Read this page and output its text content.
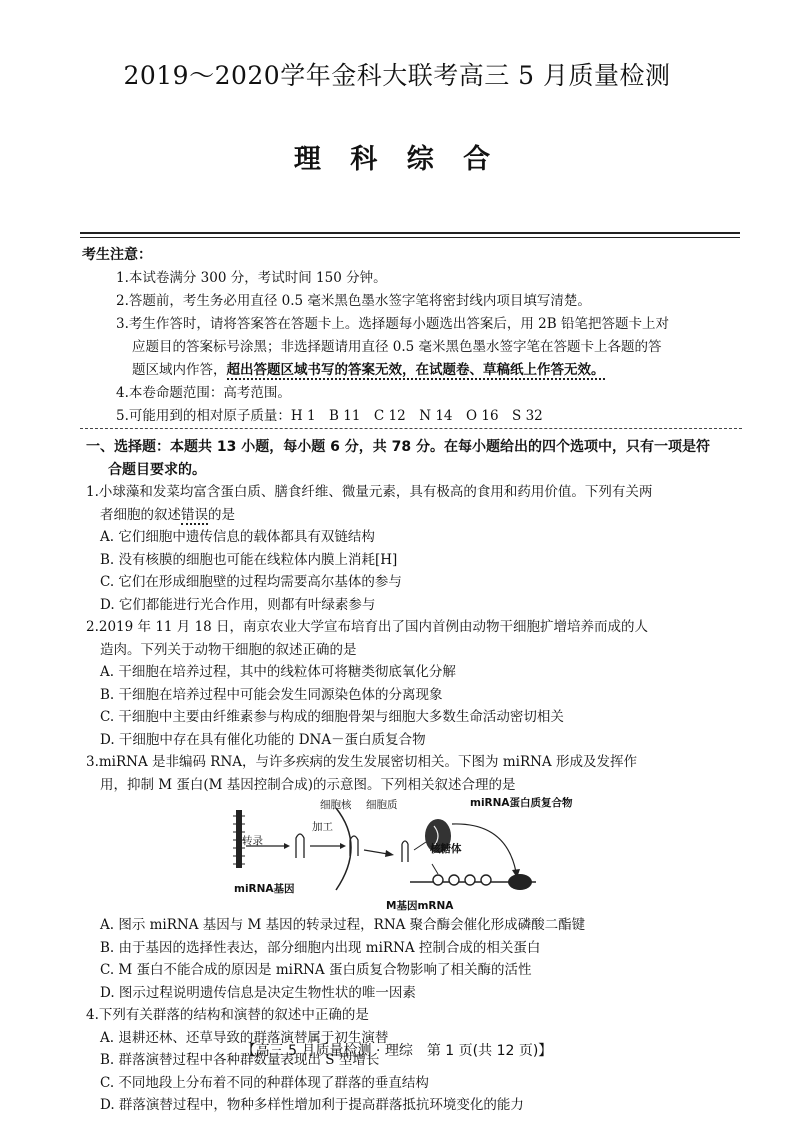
2019～2020学年金科大联考高三 5 月质量检测
理 科 综 合
考生注意：
1.本试卷满分 300 分，考试时间 150 分钟。
2.答题前，考生务必用直径 0.5 毫米黑色墨水签字笔将密封线内项目填写清楚。
3.考生作答时，请将答案答在答题卡上。选择题每小题选出答案后，用 2B 铅笔把答题卡上对
应题目的答案标号涂黑；非选择题请用直径 0.5 毫米黑色墨水签字笔在答题卡上各题的答
题区域内作答，超出答题区域书写的答案无效，在试题卷、草稿纸上作答无效。
4.本卷命题范围：高考范围。
5.可能用到的相对原子质量：H 1　B 11　C 12　N 14　O 16　S 32
一、选择题：本题共 13 小题，每小题 6 分，共 78 分。在每小题给出的四个选项中，只有一项是符
合题目要求的。
1.小球藻和发菜均富含蛋白质、膳食纤维、微量元素，具有极高的食用和药用价值。下列有关两
者细胞的叙述错误的是
A. 它们细胞中遗传信息的载体都具有双链结构
B. 没有核膜的细胞也可能在线粒体内膜上消耗[H]
C. 它们在形成细胞壁的过程均需要高尔基体的参与
D. 它们都能进行光合作用，则都有叶绿素参与
2.2019 年 11 月 18 日，南京农业大学宣布培育出了国内首例由动物干细胞扩增培养而成的人
造肉。下列关于动物干细胞的叙述正确的是
A. 干细胞在培养过程，其中的线粒体可将糖类彻底氧化分解
B. 干细胞在培养过程中可能会发生同源染色体的分离现象
C. 干细胞中主要由纤维素参与构成的细胞骨架与细胞大多数生命活动密切相关
D. 干细胞中存在具有催化功能的 DNA－蛋白质复合物
3.miRNA 是非编码 RNA，与许多疾病的发生发展密切相关。下图为 miRNA 形成及发挥作
用，抑制 M 蛋白(M 基因控制合成)的示意图。下列相关叙述合理的是
细胞核 细胞质
转录
加工
miRNA蛋白质复合物
核糖体
miRNA基因
M基因mRNA
A. 图示 miRNA 基因与 M 基因的转录过程，RNA 聚合酶会催化形成磷酸二酯键
B. 由于基因的选择性表达，部分细胞内出现 miRNA 控制合成的相关蛋白
C. M 蛋白不能合成的原因是 miRNA 蛋白质复合物影响了相关酶的活性
D. 图示过程说明遗传信息是决定生物性状的唯一因素
4.下列有关群落的结构和演替的叙述中正确的是
A. 退耕还林、还草导致的群落演替属于初生演替
B. 群落演替过程中各种群数量表现出 S 型增长
C. 不同地段上分布着不同的种群体现了群落的垂直结构
D. 群落演替过程中，物种多样性增加利于提高群落抵抗环境变化的能力
【高三 5 月质量检测 · 理综　第 1 页(共 12 页)】
